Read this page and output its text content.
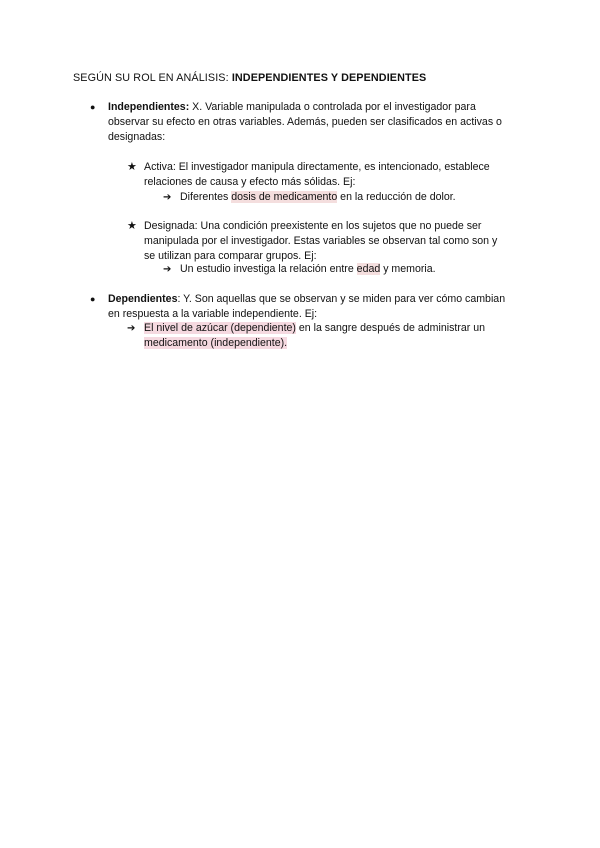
SEGÚN SU ROL EN ANÁLISIS: INDEPENDIENTES Y DEPENDIENTES
●	Independientes: X. Variable manipulada o controlada por el investigador para
observar su efecto en otras variables. Además, pueden ser clasificados en activas o
designadas:
★ Activa: El investigador manipula directamente, es intencionado, establece
relaciones de causa y efecto más sólidas. Ej:
➔ Diferentes dosis de medicamento en la reducción de dolor.
★ Designada: Una condición preexistente en los sujetos que no puede ser
manipulada por el investigador. Estas variables se observan tal como son y
se utilizan para comparar grupos. Ej:
➔ Un estudio investiga la relación entre edad y memoria.
●	Dependientes: Y. Son aquellas que se observan y se miden para ver cómo cambian
en respuesta a la variable independiente. Ej:
➔ El nivel de azúcar (dependiente) en la sangre después de administrar un
medicamento (independiente).
